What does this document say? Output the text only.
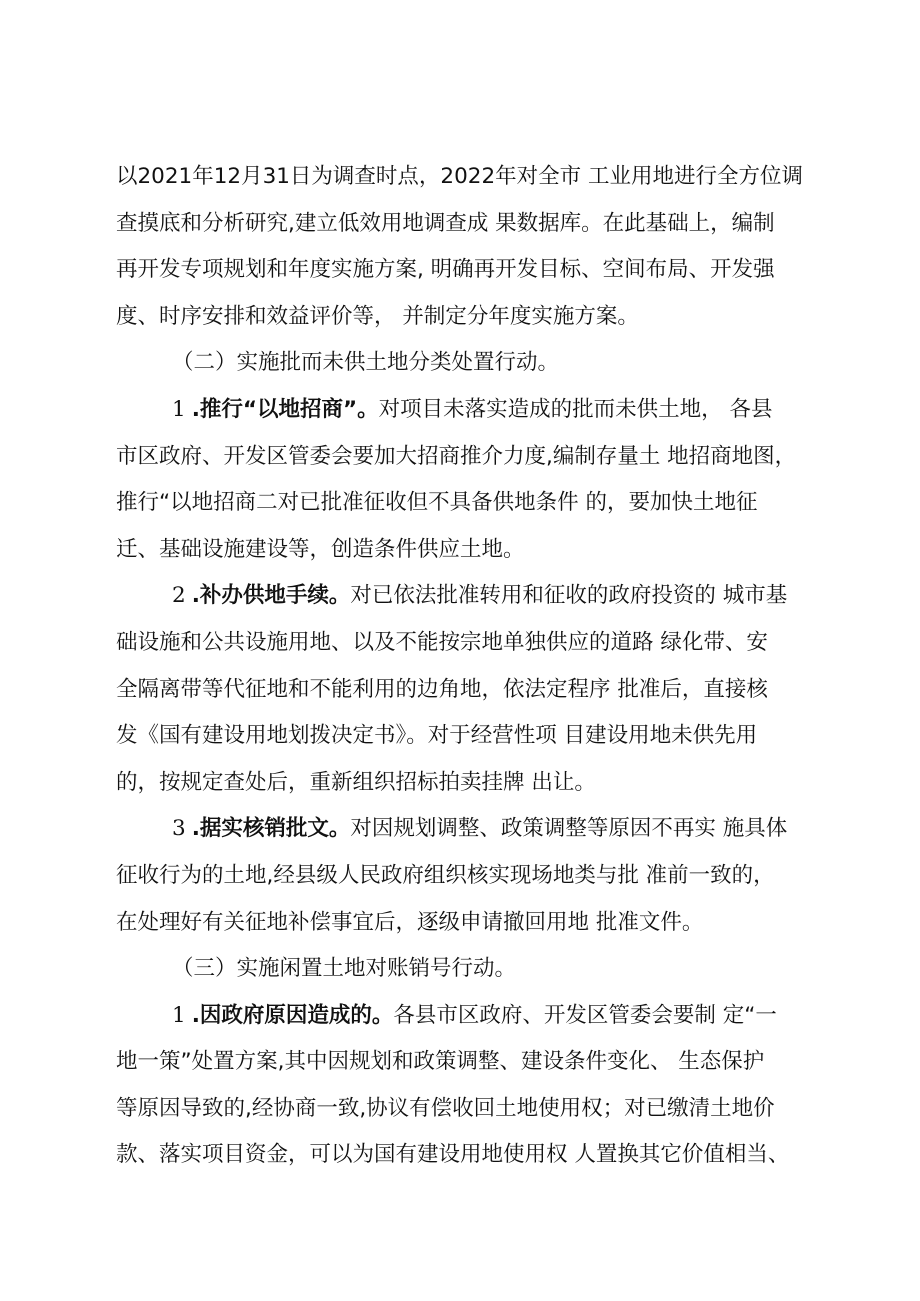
以2021年12月31日为调查时点，2022年对全市 工业用地进行全方位调
查摸底和分析研究,建立低效用地调查成 果数据库。在此基础上，编制
再开发专项规划和年度实施方案, 明确再开发目标、空间布局、开发强
度、时序安排和效益评价等， 并制定分年度实施方案。

（二）实施批而未供土地分类处置行动。

1 .推行“以地招商”。对项目未落实造成的批而未供土地， 各县
市区政府、开发区管委会要加大招商推介力度,编制存量土 地招商地图，
推行“以地招商二对已批准征收但不具备供地条件 的，要加快土地征
迁、基础设施建设等，创造条件供应土地。

2 .补办供地手续。对已依法批准转用和征收的政府投资的 城市基
础设施和公共设施用地、以及不能按宗地单独供应的道路 绿化带、安
全隔离带等代征地和不能利用的边角地，依法定程序 批准后，直接核
发《国有建设用地划拨决定书》。对于经营性项 目建设用地未供先用
的，按规定查处后，重新组织招标拍卖挂牌 出让。

3 .据实核销批文。对因规划调整、政策调整等原因不再实 施具体
征收行为的土地,经县级人民政府组织核实现场地类与批 准前一致的，
在处理好有关征地补偿事宜后，逐级申请撤回用地 批准文件。

（三）实施闲置土地对账销号行动。

1 .因政府原因造成的。各县市区政府、开发区管委会要制 定“一
地一策”处置方案,其中因规划和政策调整、建设条件变化、 生态保护
等原因导致的,经协商一致,协议有偿收回土地使用权；对已缴清土地价
款、落实项目资金，可以为国有建设用地使用权 人置换其它价值相当、
